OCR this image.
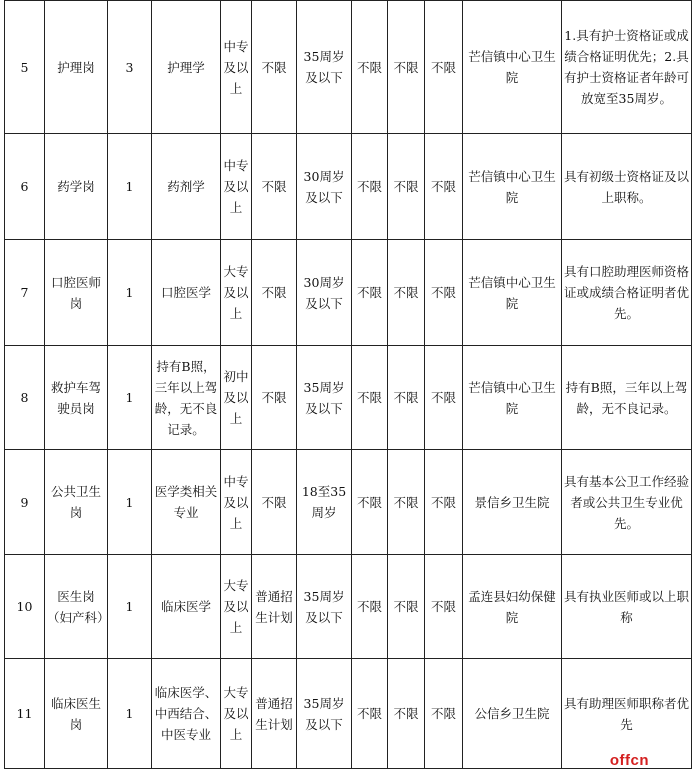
5	护理岗	3	护理学	中专及以上	不限	35周岁及以下	不限	不限	不限	芒信镇中心卫生院	1.具有护士资格证或成绩合格证明优先；2.具有护士资格证者年龄可放宽至35周岁。
6	药学岗	1	药剂学	中专及以上	不限	30周岁及以下	不限	不限	不限	芒信镇中心卫生院	具有初级士资格证及以上职称。
7	口腔医师岗	1	口腔医学	大专及以上	不限	30周岁及以下	不限	不限	不限	芒信镇中心卫生院	具有口腔助理医师资格证或成绩合格证明者优先。
8	救护车驾驶员岗	1	持有B照，三年以上驾龄，无不良记录。	初中及以上	不限	35周岁及以下	不限	不限	不限	芒信镇中心卫生院	持有B照，三年以上驾龄，无不良记录。
9	公共卫生岗	1	医学类相关专业	中专及以上	不限	18至35周岁	不限	不限	不限	景信乡卫生院	具有基本公卫工作经验者或公共卫生专业优先。
10	医生岗（妇产科）	1	临床医学	大专及以上	普通招生计划	35周岁及以下	不限	不限	不限	孟连县妇幼保健院	具有执业医师或以上职称
11	临床医生岗	1	临床医学、中西结合、中医专业	大专及以上	普通招生计划	35周岁及以下	不限	不限	不限	公信乡卫生院	具有助理医师职称者优先
offcn
